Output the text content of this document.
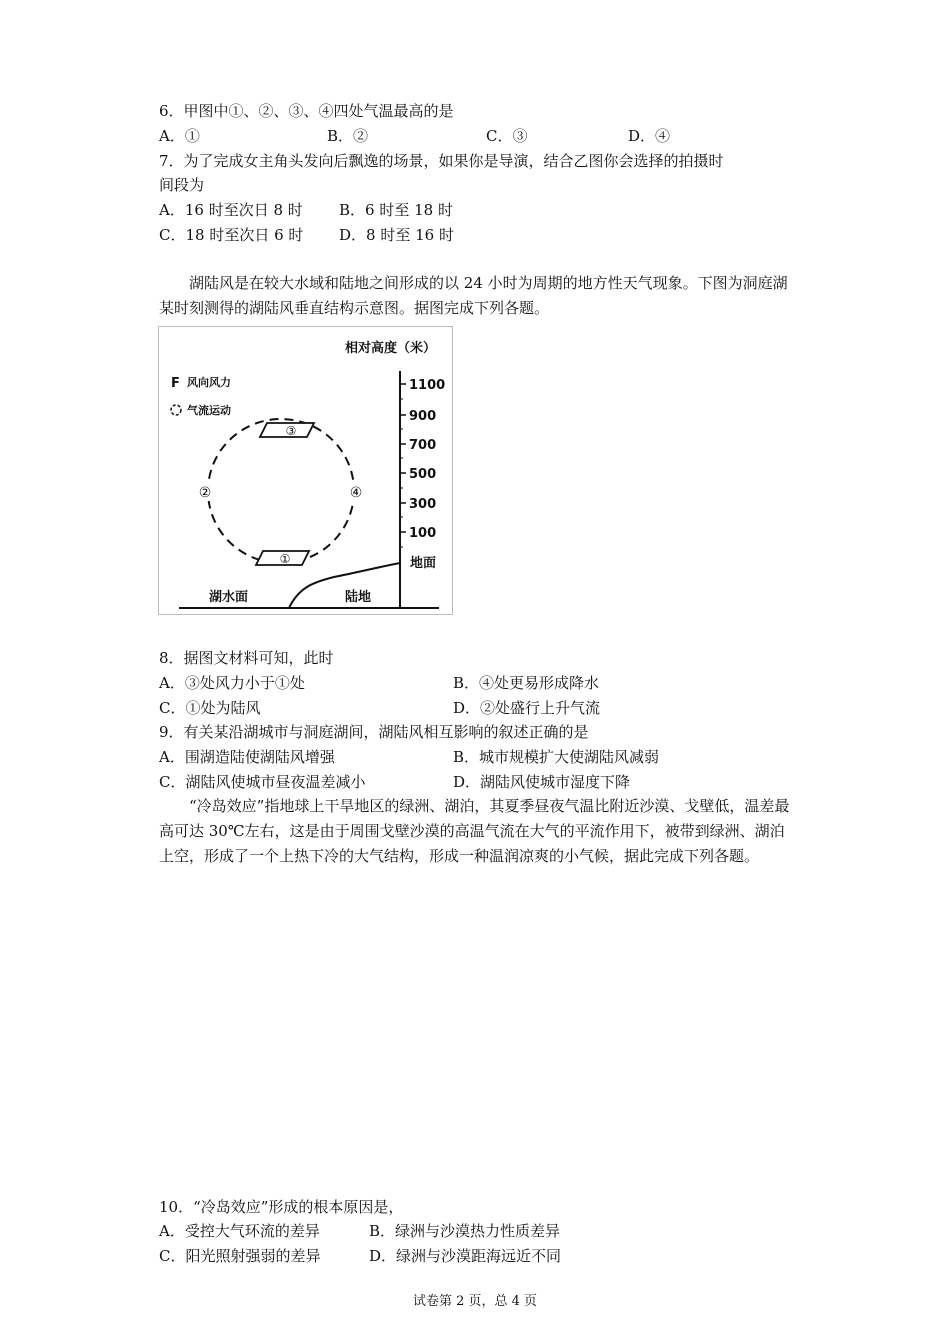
6．甲图中①、②、③、④四处气温最高的是
A．①	B．②	C．③	D．④
7．为了完成女主角头发向后飘逸的场景，如果你是导演，结合乙图你会选择的拍摄时
间段为
A．16 时至次日 8 时 B．6 时至 18 时
C．18 时至次日 6 时 D．8 时至 16 时
湖陆风是在较大水域和陆地之间形成的以 24 小时为周期的地方性天气现象。下图为洞庭湖某时刻测得的湖陆风垂直结构示意图。据图完成下列各题。
相对高度（米）
F 风向风力
气流运动
1100
900
700
500
300
100
地面
湖水面	陆地
③
①
②	④
8．据图文材料可知，此时
A．③处风力小于①处	B．④处更易形成降水
C．①处为陆风	D．②处盛行上升气流
9．有关某沿湖城市与洞庭湖间，湖陆风相互影响的叙述正确的是
A．围湖造陆使湖陆风增强	B．城市规模扩大使湖陆风减弱
C．湖陆风使城市昼夜温差减小	D．湖陆风使城市湿度下降
“冷岛效应”指地球上干旱地区的绿洲、湖泊，其夏季昼夜气温比附近沙漠、戈壁低，温差最高可达 30℃左右，这是由于周围戈壁沙漠的高温气流在大气的平流作用下，被带到绿洲、湖泊上空，形成了一个上热下冷的大气结构，形成一种温润凉爽的小气候，据此完成下列各题。
10．“冷岛效应”形成的根本原因是，
A．受控大气环流的差异	B．绿洲与沙漠热力性质差异
C．阳光照射强弱的差异	D．绿洲与沙漠距海远近不同
试卷第 2 页，总 4 页
